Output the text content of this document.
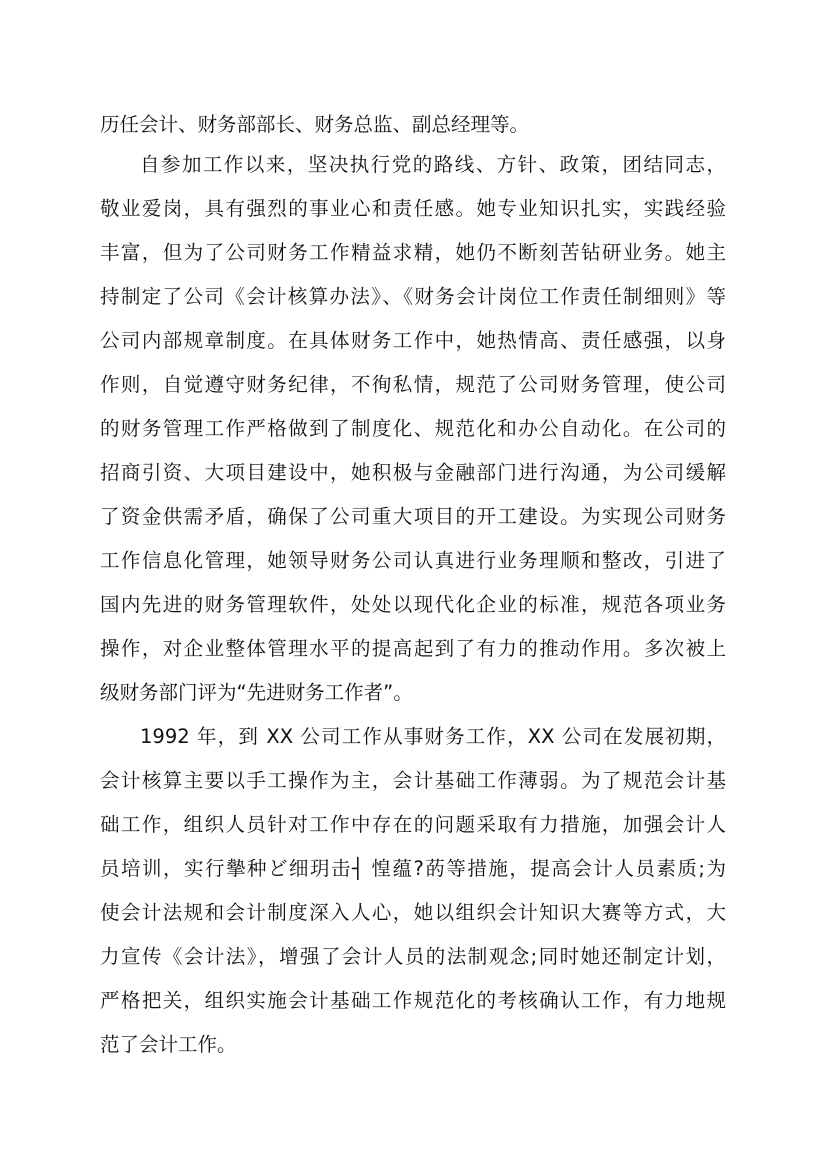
历任会计、财务部部长、财务总监、副总经理等。
自参加工作以来，坚决执行党的路线、方针、政策，团结同志，
敬业爱岗，具有强烈的事业心和责任感。她专业知识扎实，实践经验
丰富，但为了公司财务工作精益求精，她仍不断刻苦钻研业务。她主
持制定了公司《会计核算办法》、《财务会计岗位工作责任制细则》等
公司内部规章制度。在具体财务工作中，她热情高、责任感强，以身
作则，自觉遵守财务纪律，不徇私情，规范了公司财务管理，使公司
的财务管理工作严格做到了制度化、规范化和办公自动化。在公司的
招商引资、大项目建设中，她积极与金融部门进行沟通，为公司缓解
了资金供需矛盾，确保了公司重大项目的开工建设。为实现公司财务
工作信息化管理，她领导财务公司认真进行业务理顺和整改，引进了
国内先进的财务管理软件，处处以现代化企业的标准，规范各项业务
操作，对企业整体管理水平的提高起到了有力的推动作用。多次被上
级财务部门评为“先进财务工作者”。
1992 年，到 XX 公司工作从事财务工作，XX 公司在发展初期，
会计核算主要以手工操作为主，会计基础工作薄弱。为了规范会计基
础工作，组织人员针对工作中存在的问题采取有力措施，加强会计人
员培训，实行摰种ど细玥击┤ 惶蕴?菂等措施，提高会计人员素质;为
使会计法规和会计制度深入人心，她以组织会计知识大赛等方式，大
力宣传《会计法》，增强了会计人员的法制观念;同时她还制定计划，
严格把关，组织实施会计基础工作规范化的考核确认工作，有力地规
范了会计工作。
